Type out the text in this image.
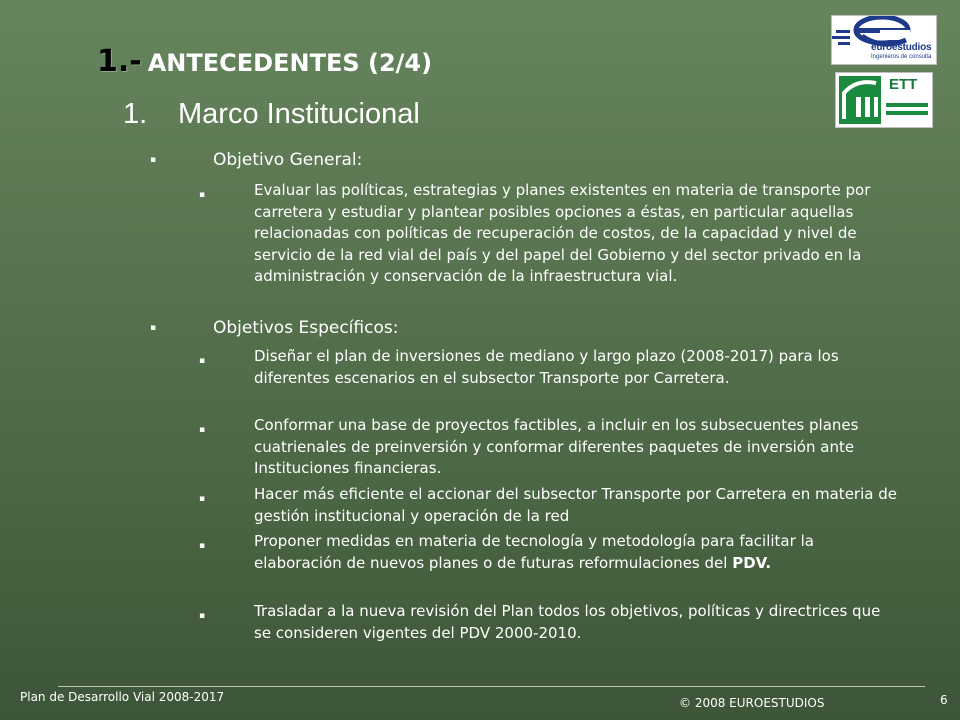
1.- ANTECEDENTES (2/4)
1. Marco Institucional
euroestudios
Ingenieros de consulta
ETT
▪	Objetivo General:
▪	Evaluar las políticas, estrategias y planes existentes en materia de transporte por carretera y estudiar y plantear posibles opciones a éstas, en particular aquellas relacionadas con políticas de recuperación de costos, de la capacidad y nivel de servicio de la red vial del país y del papel del Gobierno y del sector privado en la administración y conservación de la infraestructura vial.
▪	Objetivos Específicos:
▪	Diseñar el plan de inversiones de mediano y largo plazo (2008-2017) para los diferentes escenarios en el subsector Transporte por Carretera.
▪	Conformar una base de proyectos factibles, a incluir en los subsecuentes planes cuatrienales de preinversión y conformar diferentes paquetes de inversión ante Instituciones financieras.
▪	Hacer más eficiente el accionar del subsector Transporte por Carretera en materia de gestión institucional y operación de la red
▪	Proponer medidas en materia de tecnología y metodología para facilitar la elaboración de nuevos planes o de futuras reformulaciones del PDV.
▪	Trasladar a la nueva revisión del Plan todos los objetivos, políticas y directrices que se consideren vigentes del PDV 2000-2010.
Plan de Desarrollo Vial 2008-2017	© 2008 EUROESTUDIOS	6
